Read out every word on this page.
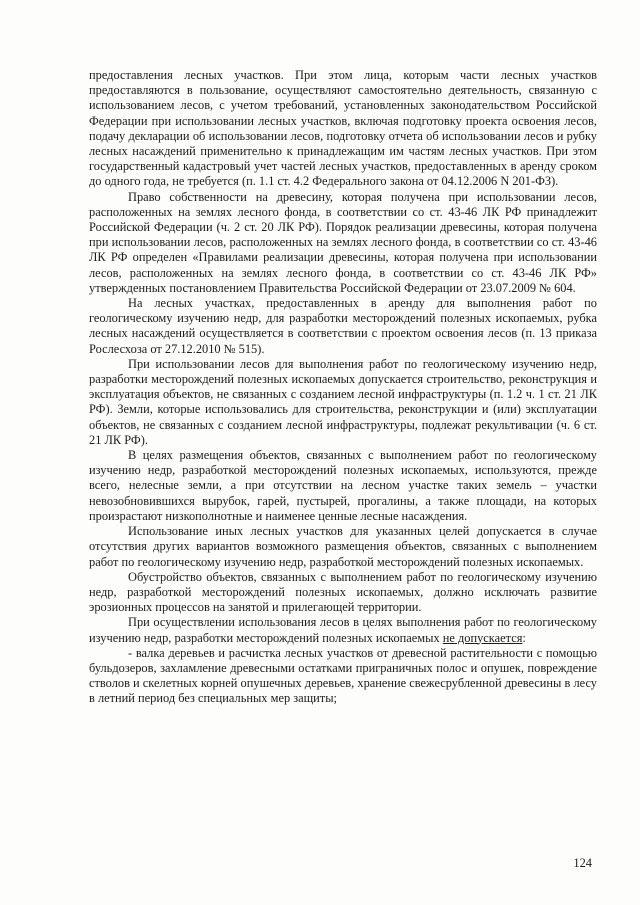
предоставления лесных участков. При этом лица, которым части лесных участков предоставляются в пользование, осуществляют самостоятельно деятельность, связанную с использованием лесов, с учетом требований, установленных законодательством Российской Федерации при использовании лесных участков, включая подготовку проекта освоения лесов, подачу декларации об использовании лесов, подготовку отчета об использовании лесов и рубку лесных насаждений применительно к принадлежащим им частям лесных участков. При этом государственный кадастровый учет частей лесных участков, предоставленных в аренду сроком до одного года, не требуется (п. 1.1 ст. 4.2 Федерального закона от 04.12.2006 N 201-ФЗ).

Право собственности на древесину, которая получена при использовании лесов, расположенных на землях лесного фонда, в соответствии со ст. 43-46 ЛК РФ принадлежит Российской Федерации (ч. 2 ст. 20 ЛК РФ). Порядок реализации древесины, которая получена при использовании лесов, расположенных на землях лесного фонда, в соответствии со ст. 43-46 ЛК РФ определен «Правилами реализации древесины, которая получена при использовании лесов, расположенных на землях лесного фонда, в соответствии со ст. 43-46 ЛК РФ» утвержденных постановлением Правительства Российской Федерации от 23.07.2009 № 604.

На лесных участках, предоставленных в аренду для выполнения работ по геологическому изучению недр, для разработки месторождений полезных ископаемых, рубка лесных насаждений осуществляется в соответствии с проектом освоения лесов (п. 13 приказа Рослесхоза от 27.12.2010 № 515).

При использовании лесов для выполнения работ по геологическому изучению недр, разработки месторождений полезных ископаемых допускается строительство, реконструкция и эксплуатация объектов, не связанных с созданием лесной инфраструктуры (п. 1.2 ч. 1 ст. 21 ЛК РФ). Земли, которые использовались для строительства, реконструкции и (или) эксплуатации объектов, не связанных с созданием лесной инфраструктуры, подлежат рекультивации (ч. 6 ст. 21 ЛК РФ).

В целях размещения объектов, связанных с выполнением работ по геологическому изучению недр, разработкой месторождений полезных ископаемых, используются, прежде всего, нелесные земли, а при отсутствии на лесном участке таких земель – участки невозобновившихся вырубок, гарей, пустырей, прогалины, а также площади, на которых произрастают низкополнотные и наименее ценные лесные насаждения.

Использование иных лесных участков для указанных целей допускается в случае отсутствия других вариантов возможного размещения объектов, связанных с выполнением работ по геологическому изучению недр, разработкой месторождений полезных ископаемых.

Обустройство объектов, связанных с выполнением работ по геологическому изучению недр, разработкой месторождений полезных ископаемых, должно исключать развитие эрозионных процессов на занятой и прилегающей территории.

При осуществлении использования лесов в целях выполнения работ по геологическому изучению недр, разработки месторождений полезных ископаемых не допускается:

- валка деревьев и расчистка лесных участков от древесной растительности с помощью бульдозеров, захламление древесными остатками приграничных полос и опушек, повреждение стволов и скелетных корней опушечных деревьев, хранение свежесрубленной древесины в лесу в летний период без специальных мер защиты;

124
